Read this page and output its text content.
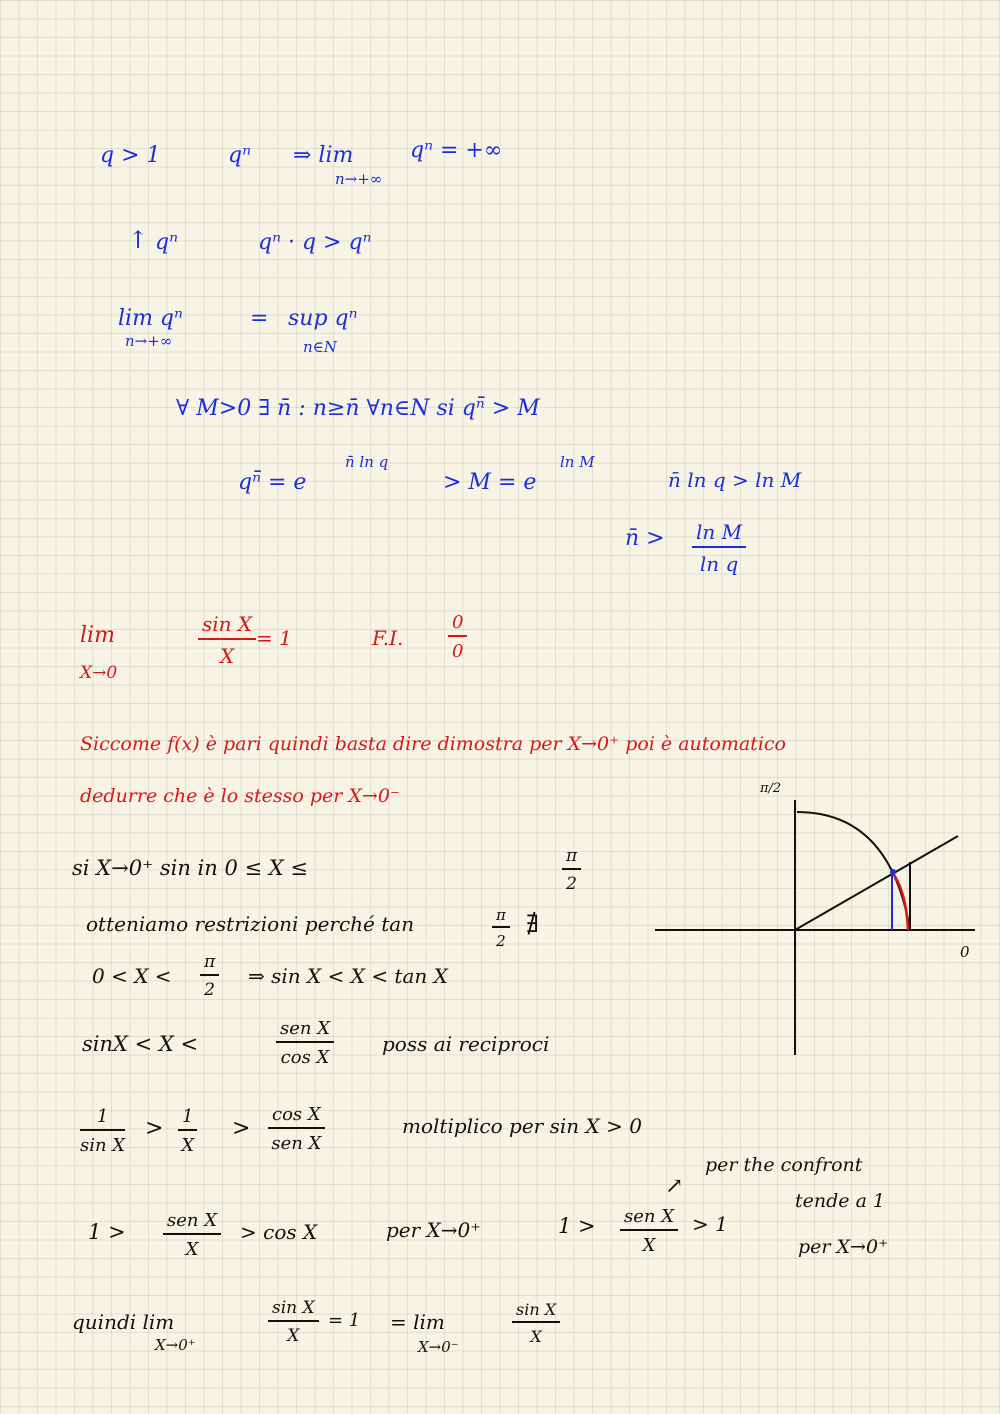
q > 1	qⁿ ⇒ lim
n→+∞
qⁿ = +∞
↑ qⁿ	qⁿ · q > qⁿ
lim qⁿ
n→+∞
= sup qⁿ
n∈N
∀ M>0 ∃ n̄ : n≥n̄ ∀n∈N si qⁿ̄ > M
qⁿ̄ = e
n̄ ln q
> M = e
ln M
n̄ ln q > ln M
n̄ > ln M
ln q
lim
X→0
sin X
X
= 1	F.I.
0
0
Siccome f(x) è pari quindi basta dire dimostra per X→0⁺ poi è automatico
dedurre che è lo stesso per X→0⁻
si X→0⁺ sin in 0 ≤ X ≤	π
2
otteniamo restrizioni perché tan	π
2
∄
0 < X <
π
2
⇒ sin X < X < tan X
sinX < X <
sen X
cos X
poss ai reciproci
1
sin X
> 1
X
>
cos X
sen X
moltiplico per sin X > 0
1 > sen X
X
> cos X	per X→0⁺	1 > sen X
X
> 1
↗
per the confront
tende a 1
per X→0⁺
quindi lim
X→0⁺
sin X
X
= 1 = lim
X→0⁻
sin X
X
π/2
0
